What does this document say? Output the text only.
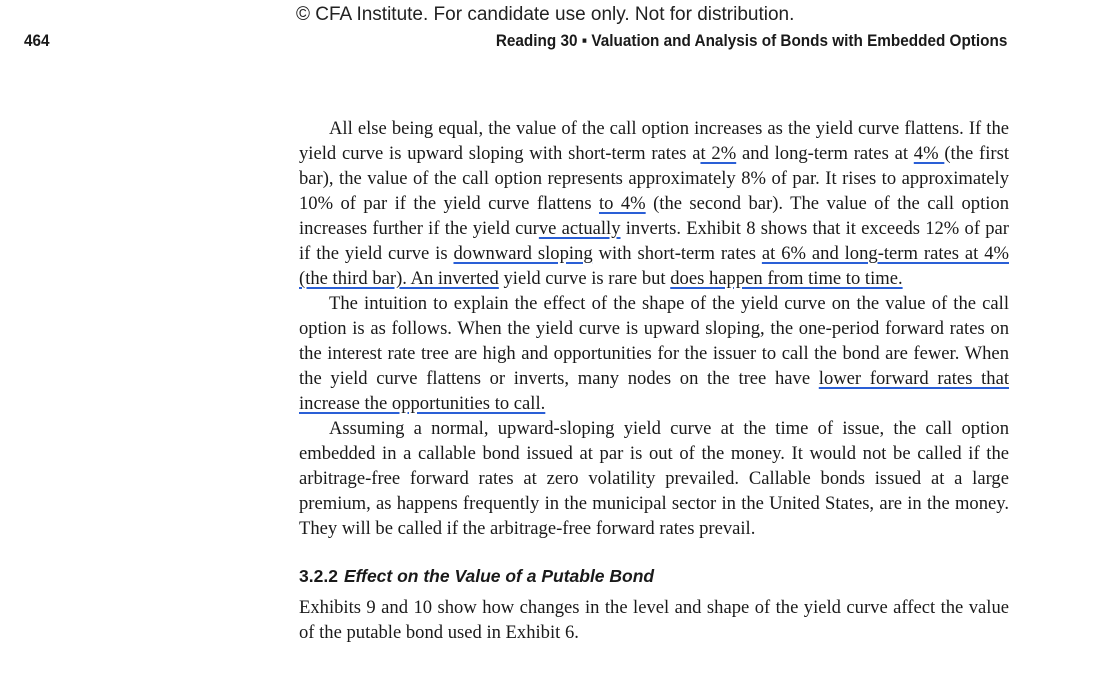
© CFA Institute. For candidate use only. Not for distribution.
464	Reading 30 ▪ Valuation and Analysis of Bonds with Embedded Options

All else being equal, the value of the call option increases as the yield curve flattens. If the yield curve is upward sloping with short-term rates at 2% and long-term rates at 4% (the first bar), the value of the call option represents approximately 8% of par. It rises to approximately 10% of par if the yield curve flattens to 4% (the second bar). The value of the call option increases further if the yield curve actually inverts. Exhibit 8 shows that it exceeds 12% of par if the yield curve is downward sloping with short-term rates at 6% and long-term rates at 4% (the third bar). An inverted yield curve is rare but does happen from time to time.

The intuition to explain the effect of the shape of the yield curve on the value of the call option is as follows. When the yield curve is upward sloping, the one-period forward rates on the interest rate tree are high and opportunities for the issuer to call the bond are fewer. When the yield curve flattens or inverts, many nodes on the tree have lower forward rates that increase the opportunities to call.

Assuming a normal, upward-sloping yield curve at the time of issue, the call option embedded in a callable bond issued at par is out of the money. It would not be called if the arbitrage-free forward rates at zero volatility prevailed. Callable bonds issued at a large premium, as happens frequently in the municipal sector in the United States, are in the money. They will be called if the arbitrage-free forward rates prevail.

3.2.2 Effect on the Value of a Putable Bond

Exhibits 9 and 10 show how changes in the level and shape of the yield curve affect the value of the putable bond used in Exhibit 6.
